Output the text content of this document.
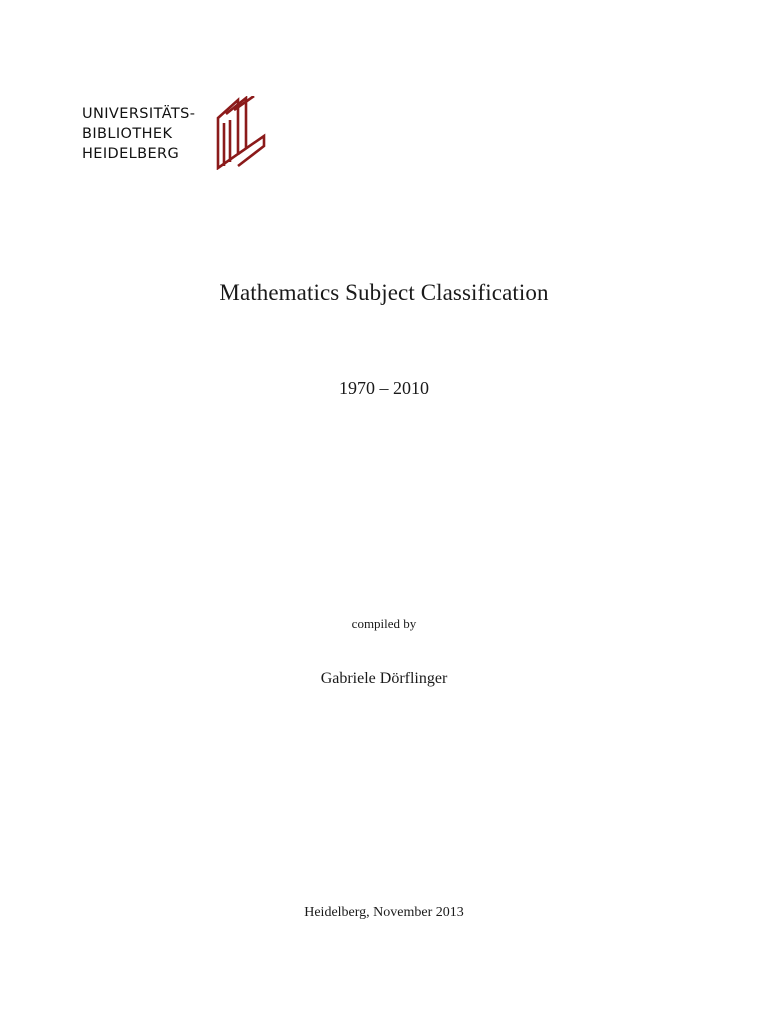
UNIVERSITÄTS-
BIBLIOTHEK
HEIDELBERG
Mathematics Subject Classification
1970 – 2010
compiled by
Gabriele Dörflinger
Heidelberg, November 2013
